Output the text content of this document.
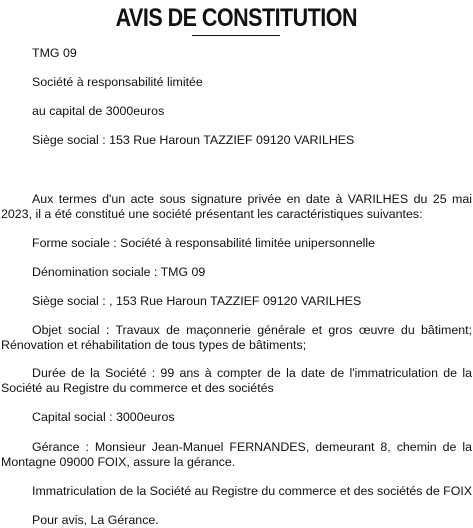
AVIS DE CONSTITUTION

TMG 09

Société à responsabilité limitée

au capital de 3000euros

Siège social : 153 Rue Haroun TAZZIEF 09120 VARILHES

Aux termes d'un acte sous signature privée en date à VARILHES du 25 mai 2023, il a été constitué une société présentant les caractéristiques suivantes:

Forme sociale : Société à responsabilité limitée unipersonnelle

Dénomination sociale : TMG 09

Siège social : , 153 Rue Haroun TAZZIEF 09120 VARILHES

Objet social : Travaux de maçonnerie générale et gros œuvre du bâtiment; Rénovation et réhabilitation de tous types de bâtiments;

Durée de la Société : 99 ans à compter de la date de l'immatriculation de la Société au Registre du commerce et des sociétés

Capital social : 3000euros

Gérance : Monsieur Jean-Manuel FERNANDES, demeurant 8, chemin de la Montagne 09000 FOIX, assure la gérance.

Immatriculation de la Société au Registre du commerce et des sociétés de FOIX

Pour avis, La Gérance.
